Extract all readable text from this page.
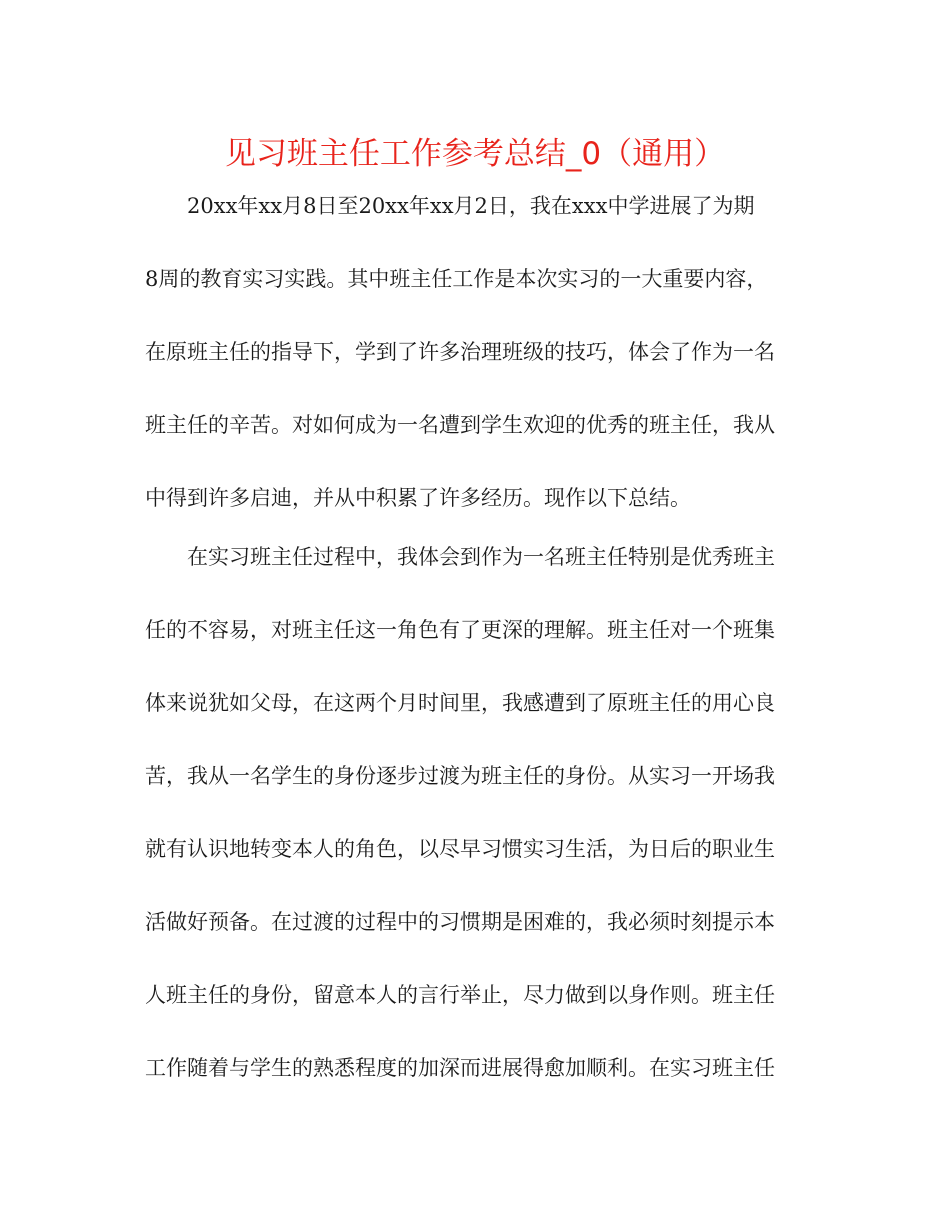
见习班主任工作参考总结_0（通用）
20xx年xx月8日至20xx年xx月2日，我在xxx中学进展了为期
8周的教育实习实践。其中班主任工作是本次实习的一大重要内容，
在原班主任的指导下，学到了许多治理班级的技巧，体会了作为一名
班主任的辛苦。对如何成为一名遭到学生欢迎的优秀的班主任，我从
中得到许多启迪，并从中积累了许多经历。现作以下总结。
在实习班主任过程中，我体会到作为一名班主任特别是优秀班主
任的不容易，对班主任这一角色有了更深的理解。班主任对一个班集
体来说犹如父母，在这两个月时间里，我感遭到了原班主任的用心良
苦，我从一名学生的身份逐步过渡为班主任的身份。从实习一开场我
就有认识地转变本人的角色，以尽早习惯实习生活，为日后的职业生
活做好预备。在过渡的过程中的习惯期是困难的，我必须时刻提示本
人班主任的身份，留意本人的言行举止，尽力做到以身作则。班主任
工作随着与学生的熟悉程度的加深而进展得愈加顺利。在实习班主任
